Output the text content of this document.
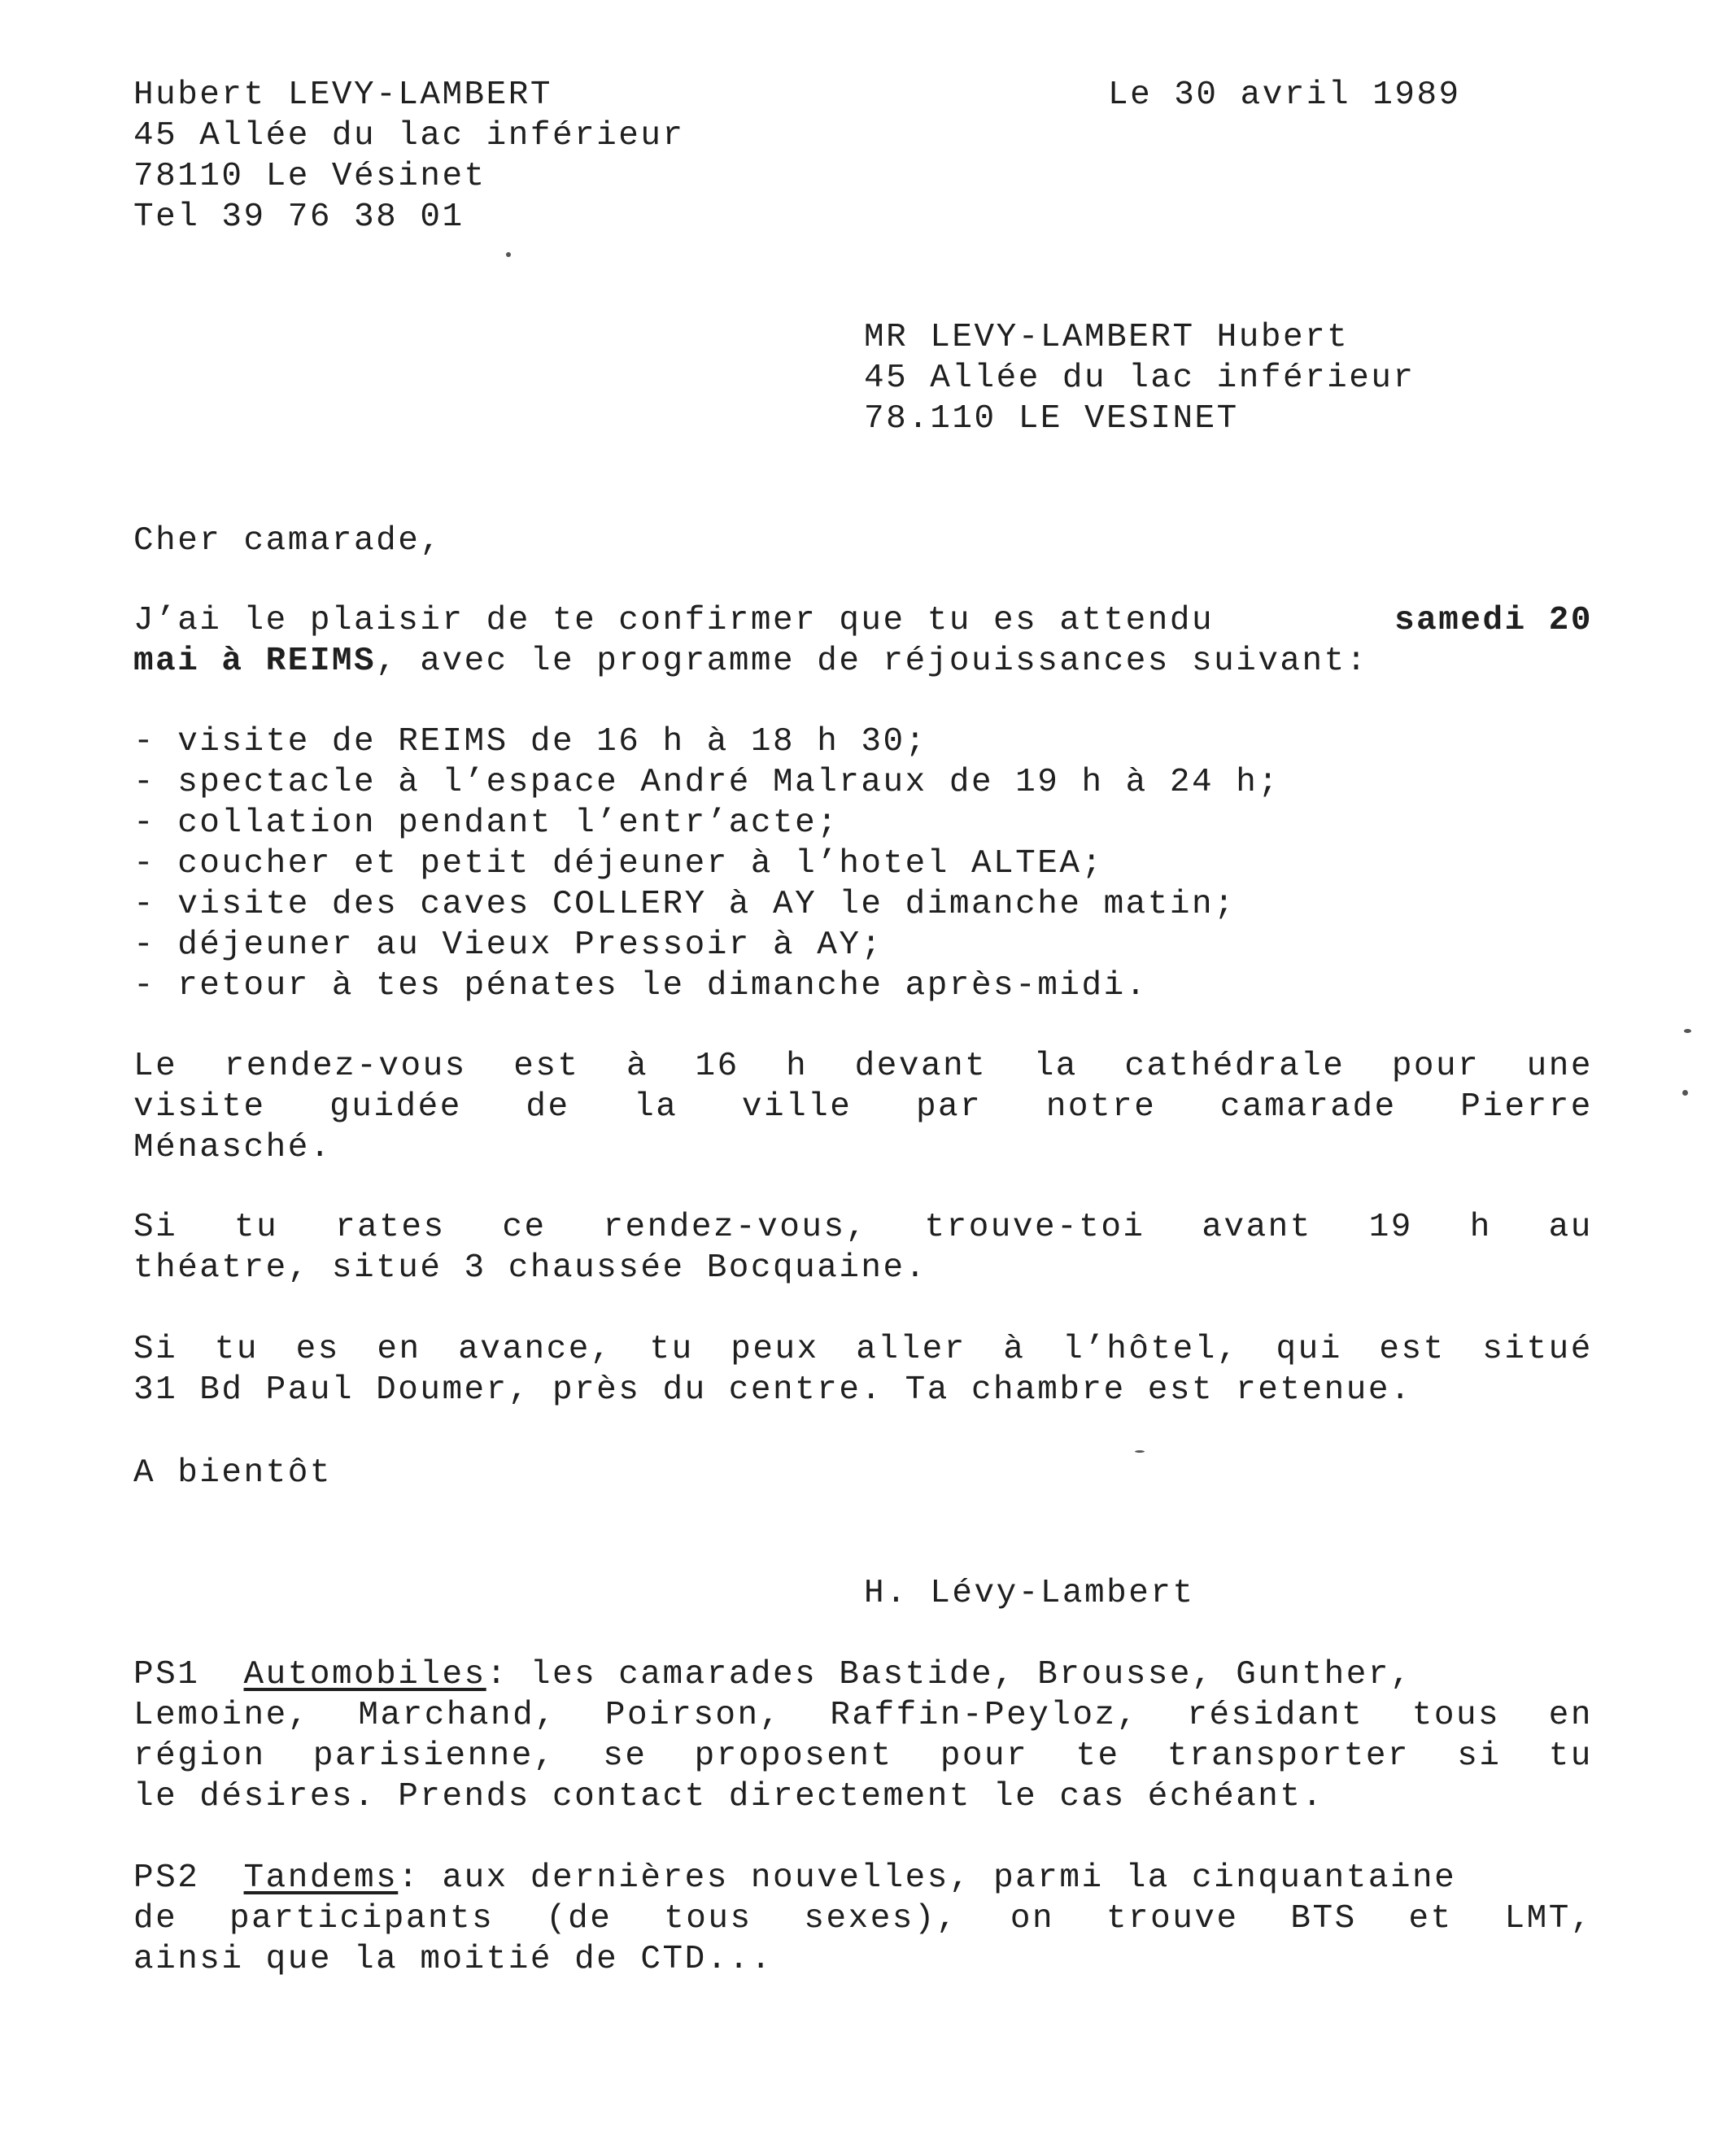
Hubert LEVY-LAMBERT
45 Allée du lac inférieur
78110 Le Vésinet
Tel 39 76 38 01
Le 30 avril 1989
MR LEVY-LAMBERT Hubert
45 Allée du lac inférieur
78.110 LE VESINET
Cher camarade,
J’ai le plaisir de te confirmer que tu es attendu	samedi 20
mai à REIMS, avec le programme de réjouissances suivant:
- visite de REIMS de 16 h à 18 h 30;
- spectacle à l’espace André Malraux de 19 h à 24 h;
- collation pendant l’entr’acte;
- coucher et petit déjeuner à l’hotel ALTEA;
- visite des caves COLLERY à AY le dimanche matin;
- déjeuner au Vieux Pressoir à AY;
- retour à tes pénates le dimanche après-midi.
Le rendez-vous est à 16 h devant la cathédrale pour une
visite guidée de la ville par notre camarade Pierre
Ménasché.
Si tu rates ce rendez-vous, trouve-toi avant 19 h au
théatre, situé 3 chaussée Bocquaine.
Si tu es en avance, tu peux aller à l’hôtel, qui est situé
31 Bd Paul Doumer, près du centre. Ta chambre est retenue.
A bientôt
H. Lévy-Lambert
PS1 Automobiles: les camarades Bastide, Brousse, Gunther,
Lemoine, Marchand, Poirson, Raffin-Peyloz, résidant tous en
région parisienne, se proposent pour te transporter si tu
le désires. Prends contact directement le cas échéant.
PS2 Tandems: aux dernières nouvelles, parmi la cinquantaine
de participants (de tous sexes), on trouve BTS et LMT,
ainsi que la moitié de CTD...
